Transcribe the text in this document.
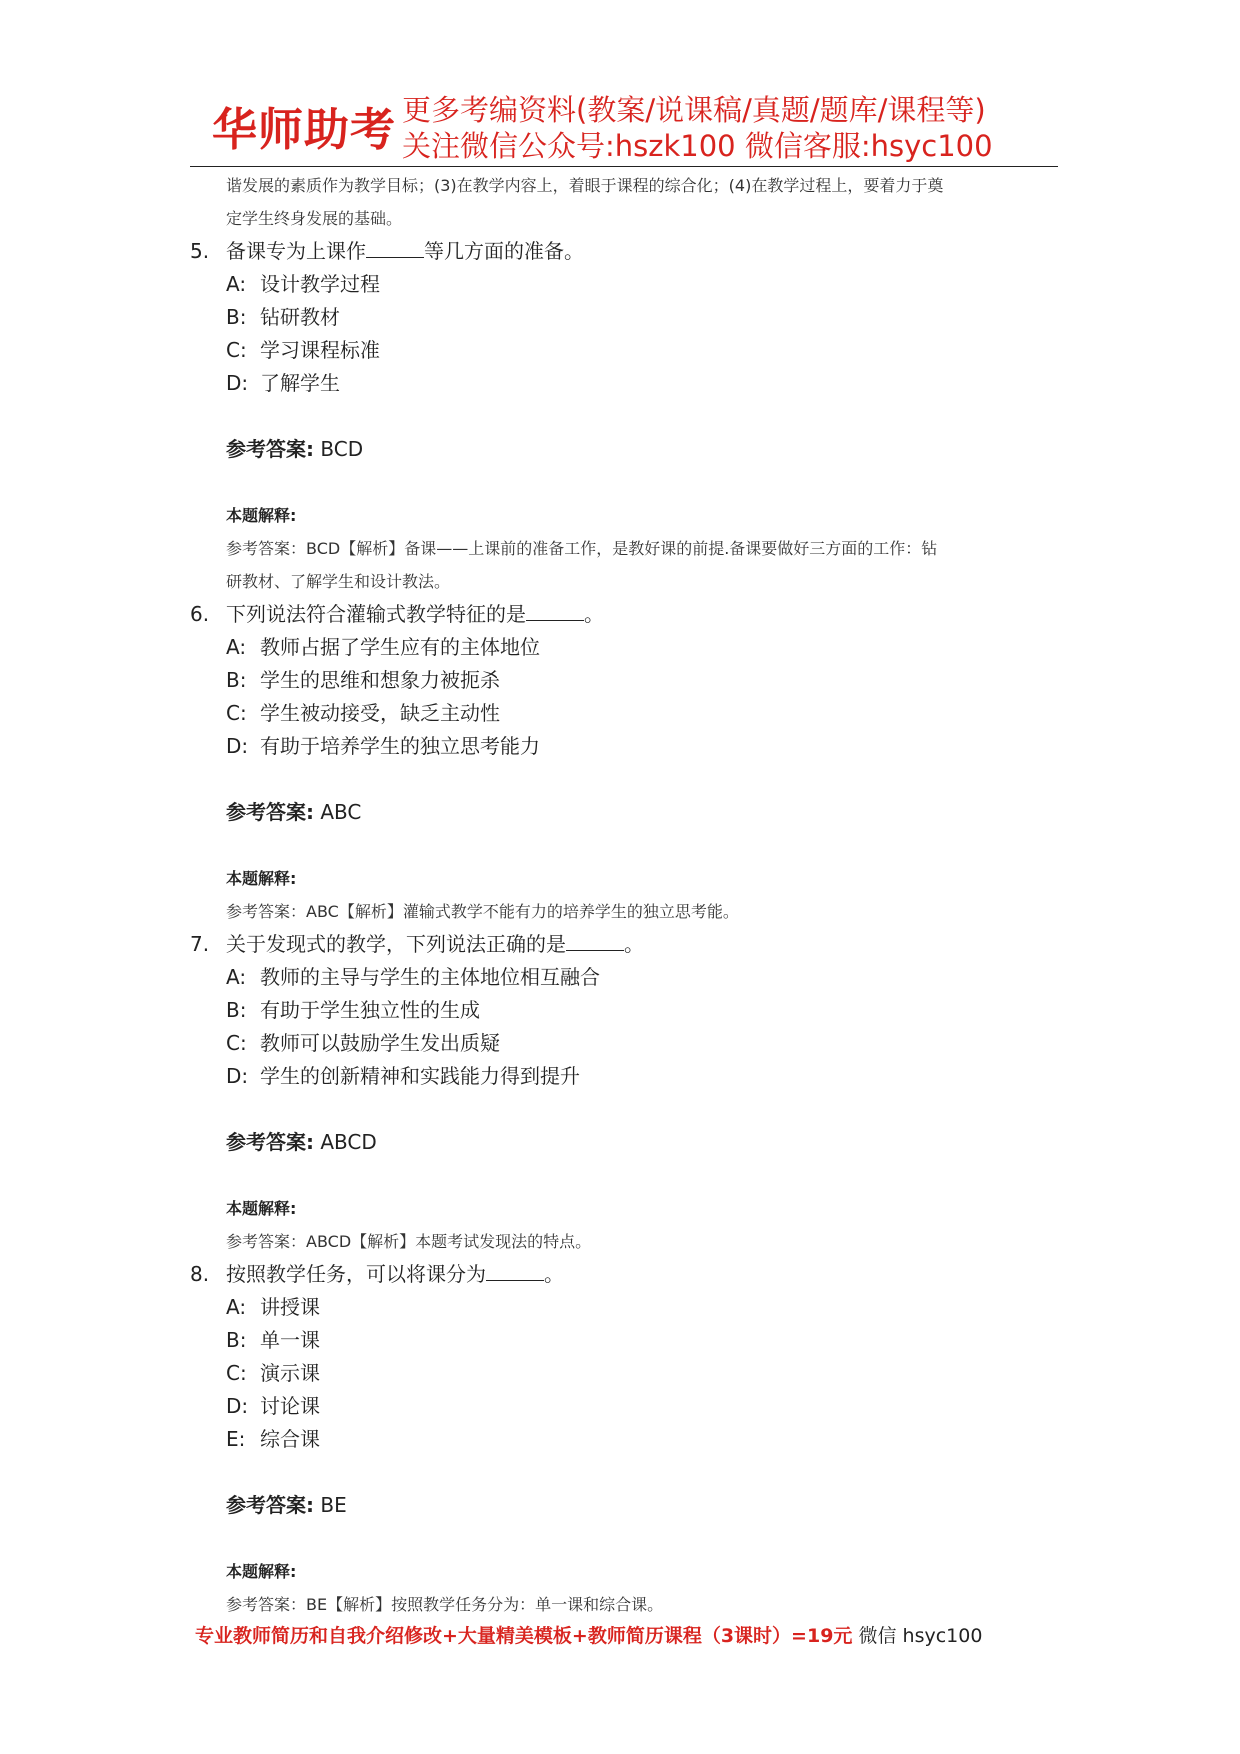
华师助考 更多考编资料(教案/说课稿/真题/题库/课程等)
关注微信公众号:hszk100 微信客服:hsyc100
谐发展的素质作为教学目标；(3)在教学内容上，着眼于课程的综合化；(4)在教学过程上，要着力于奠
定学生终身发展的基础。
5. 备课专为上课作	等几方面的准备。
A: 设计教学过程
B: 钻研教材
C: 学习课程标准
D: 了解学生
参考答案: BCD
本题解释:
参考答案：BCD【解析】备课——上课前的准备工作，是教好课的前提.备课要做好三方面的工作：钻
研教材、了解学生和设计教法。
6. 下列说法符合灌输式教学特征的是	。
A: 教师占据了学生应有的主体地位
B: 学生的思维和想象力被扼杀
C: 学生被动接受，缺乏主动性
D: 有助于培养学生的独立思考能力
参考答案: ABC
本题解释:
参考答案：ABC【解析】灌输式教学不能有力的培养学生的独立思考能。
7. 关于发现式的教学，下列说法正确的是	。
A: 教师的主导与学生的主体地位相互融合
B: 有助于学生独立性的生成
C: 教师可以鼓励学生发出质疑
D: 学生的创新精神和实践能力得到提升
参考答案: ABCD
本题解释:
参考答案：ABCD【解析】本题考试发现法的特点。
8. 按照教学任务，可以将课分为	。
A: 讲授课
B: 单一课
C: 演示课
D: 讨论课
E: 综合课
参考答案: BE
本题解释:
参考答案：BE【解析】按照教学任务分为：单一课和综合课。
专业教师简历和自我介绍修改+大量精美模板+教师简历课程（3课时）=19元 微信 hsyc100
